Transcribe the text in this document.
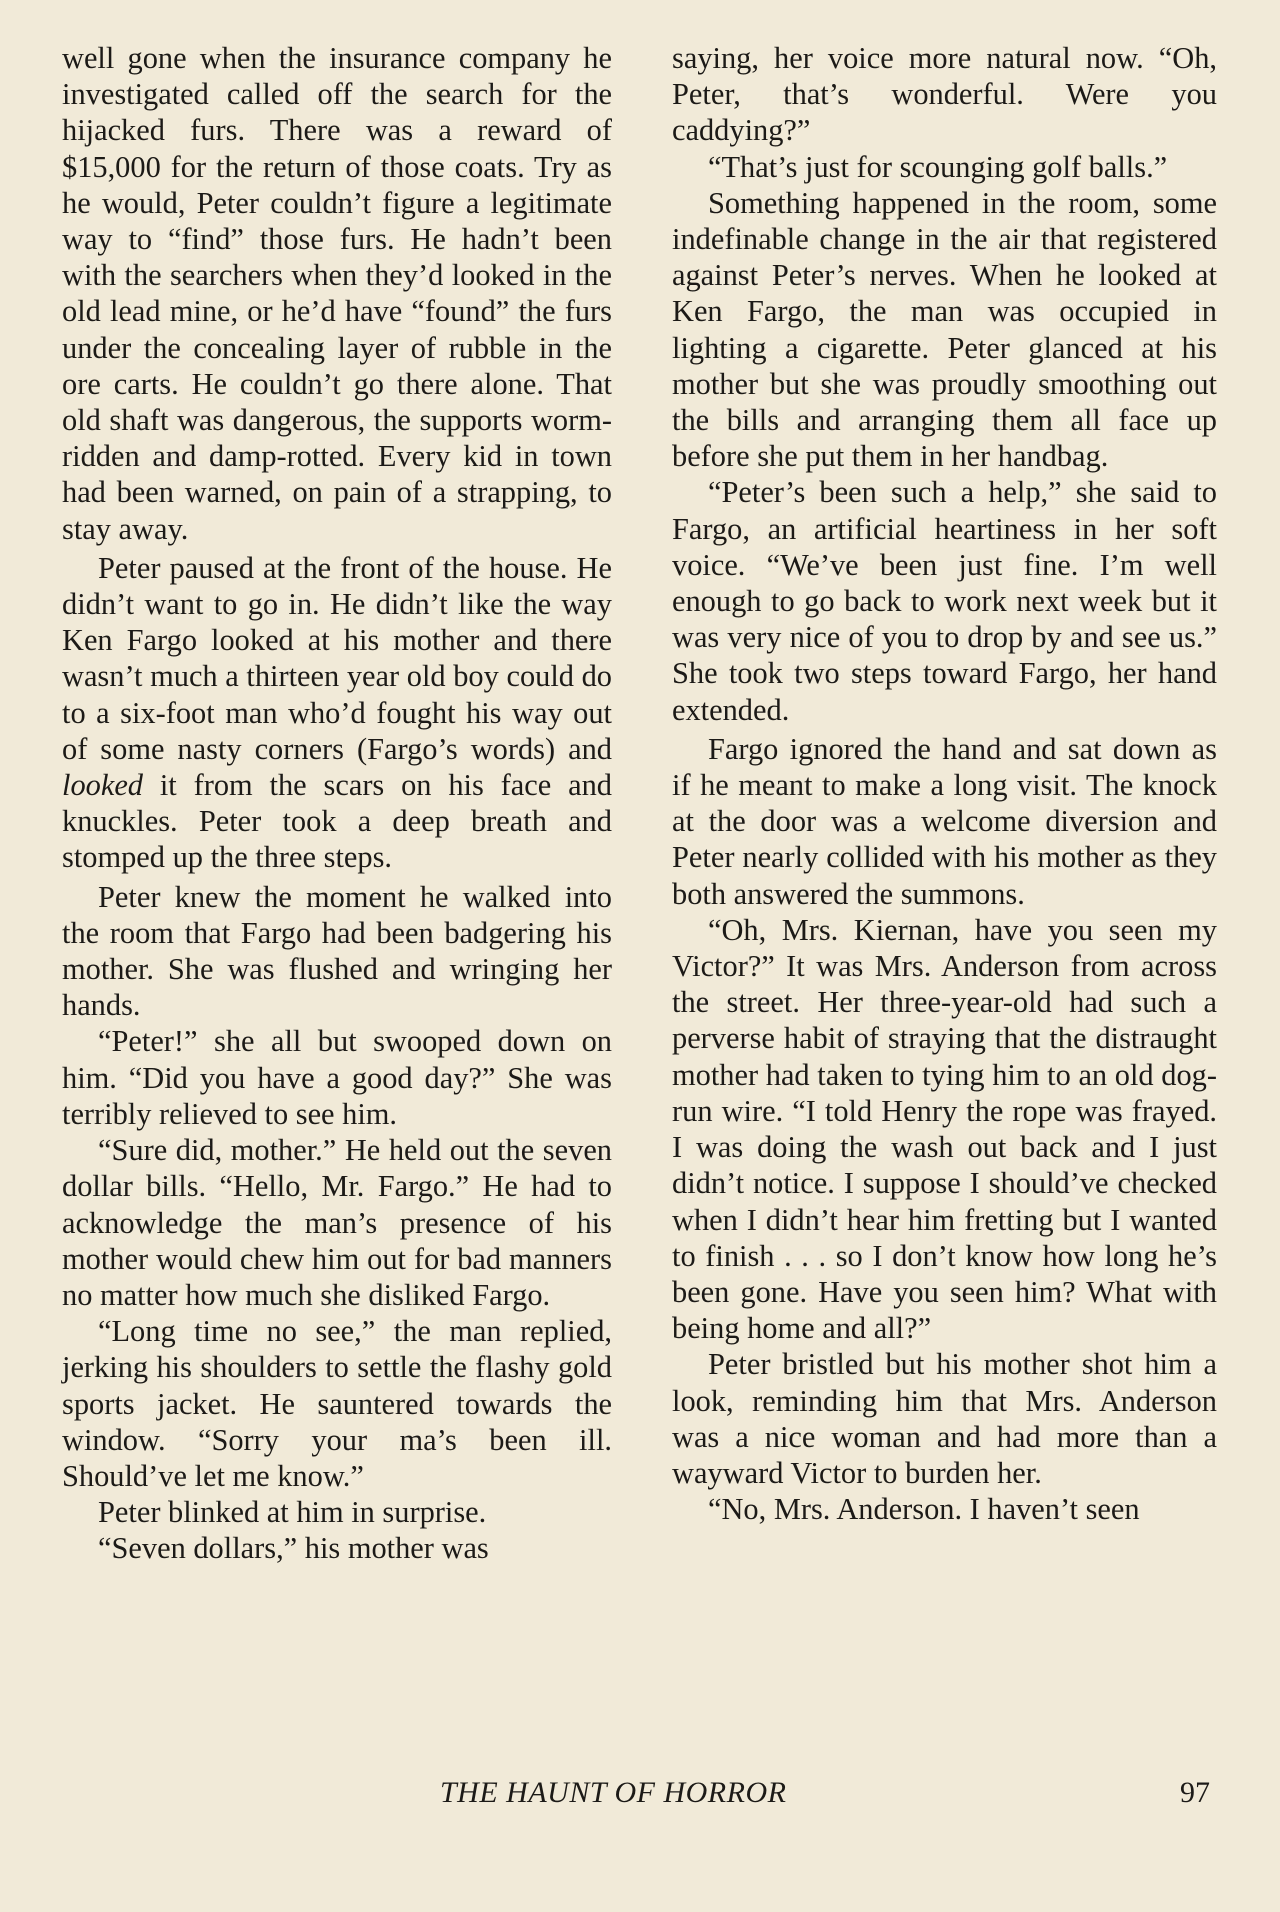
well gone when the insurance company he investigated called off the search for the hijacked furs. There was a reward of $15,000 for the return of those coats. Try as he would, Peter couldn’t figure a legitimate way to “find” those furs. He hadn’t been with the searchers when they’d looked in the old lead mine, or he’d have “found” the furs under the concealing layer of rubble in the ore carts. He couldn’t go there alone. That old shaft was dangerous, the supports worm-ridden and damp-rotted. Every kid in town had been warned, on pain of a strapping, to stay away.

Peter paused at the front of the house. He didn’t want to go in. He didn’t like the way Ken Fargo looked at his mother and there wasn’t much a thirteen year old boy could do to a six-foot man who’d fought his way out of some nasty corners (Fargo’s words) and looked it from the scars on his face and knuckles. Peter took a deep breath and stomped up the three steps.

Peter knew the moment he walked into the room that Fargo had been badgering his mother. She was flushed and wringing her hands.

“Peter!” she all but swooped down on him. “Did you have a good day?” She was terribly relieved to see him.

“Sure did, mother.” He held out the seven dollar bills. “Hello, Mr. Fargo.” He had to acknowledge the man’s presence of his mother would chew him out for bad manners no matter how much she disliked Fargo.

“Long time no see,” the man replied, jerking his shoulders to settle the flashy gold sports jacket. He sauntered towards the window. “Sorry your ma’s been ill. Should’ve let me know.”

Peter blinked at him in surprise.

“Seven dollars,” his mother was

saying, her voice more natural now. “Oh, Peter, that’s wonderful. Were you caddying?”

“That’s just for scounging golf balls.”

Something happened in the room, some indefinable change in the air that registered against Peter’s nerves. When he looked at Ken Fargo, the man was occupied in lighting a cigarette. Peter glanced at his mother but she was proudly smoothing out the bills and arranging them all face up before she put them in her handbag.

“Peter’s been such a help,” she said to Fargo, an artificial heartiness in her soft voice. “We’ve been just fine. I’m well enough to go back to work next week but it was very nice of you to drop by and see us.” She took two steps toward Fargo, her hand extended.

Fargo ignored the hand and sat down as if he meant to make a long visit. The knock at the door was a welcome diversion and Peter nearly collided with his mother as they both answered the summons.

“Oh, Mrs. Kiernan, have you seen my Victor?” It was Mrs. Anderson from across the street. Her three-year-old had such a perverse habit of straying that the distraught mother had taken to tying him to an old dog-run wire. “I told Henry the rope was frayed. I was doing the wash out back and I just didn’t notice. I suppose I should’ve checked when I didn’t hear him fretting but I wanted to finish . . . so I don’t know how long he’s been gone. Have you seen him? What with being home and all?”

Peter bristled but his mother shot him a look, reminding him that Mrs. Anderson was a nice woman and had more than a wayward Victor to burden her.

“No, Mrs. Anderson. I haven’t seen

THE HAUNT OF HORROR	97
